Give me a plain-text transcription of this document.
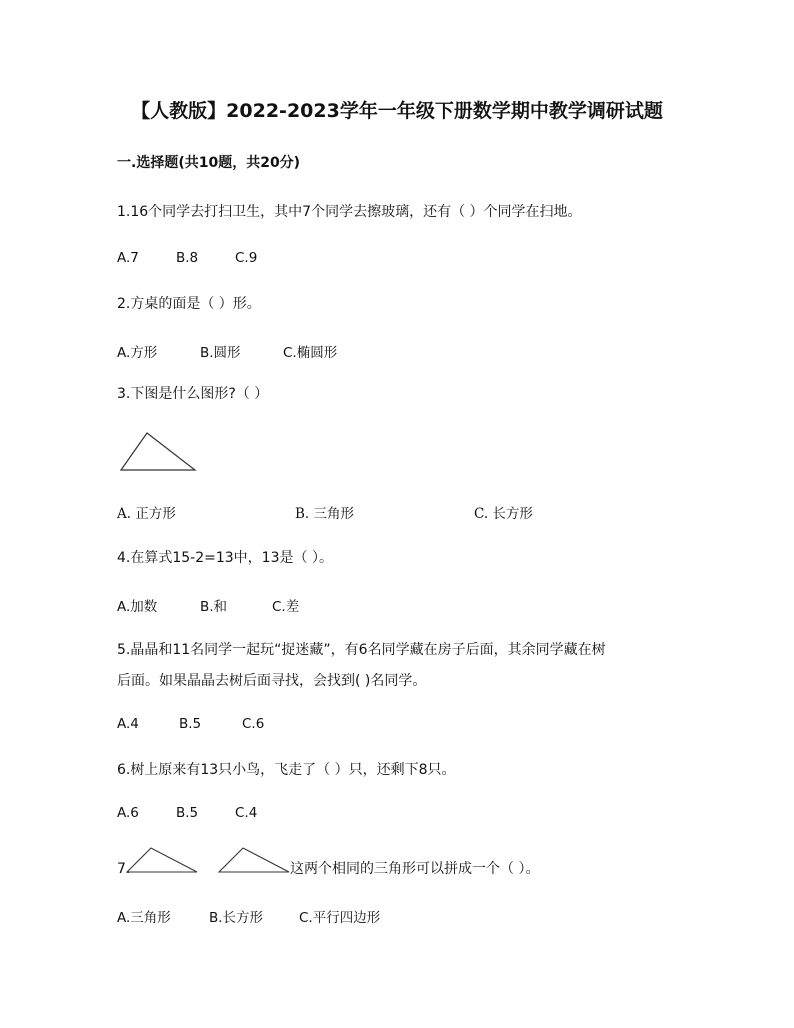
【人教版】2022-2023学年一年级下册数学期中教学调研试题
一.选择题(共10题，共20分)
1.16个同学去打扫卫生，其中7个同学去擦玻璃，还有（ ）个同学在扫地。
A.7	B.8	C.9
2.方桌的面是（ ）形。
A.方形	B.圆形	C.椭圆形
3.下图是什么图形?（ ）
A. 正方形	B. 三角形	C. 长方形
4.在算式15-2=13中，13是（ ）。
A.加数	B.和	C.差
5.晶晶和11名同学一起玩“捉迷藏”，有6名同学藏在房子后面，其余同学藏在树
后面。如果晶晶去树后面寻找，会找到( )名同学。
A.4	B.5	C.6
6.树上原来有13只小鸟，飞走了（ ）只，还剩下8只。
A.6	B.5	C.4
7.	这两个相同的三角形可以拼成一个（ ）。
A.三角形	B.长方形	C.平行四边形
